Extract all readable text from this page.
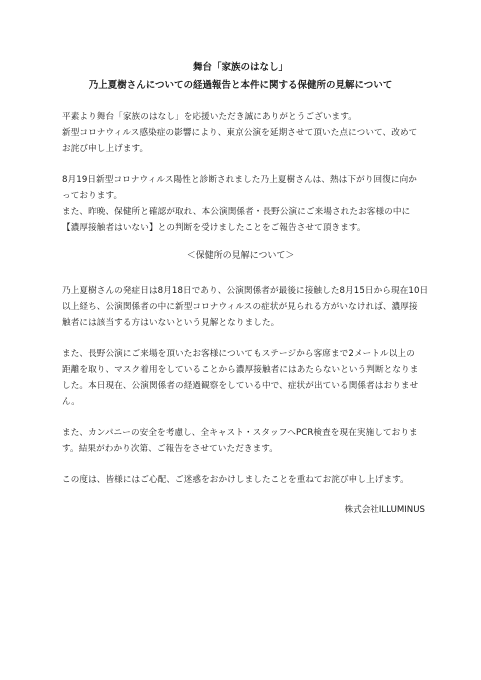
舞台「家族のはなし」
乃上夏樹さんについての経過報告と本件に関する保健所の見解について
平素より舞台「家族のはなし」を応援いただき誠にありがとうございます。
新型コロナウィルス感染症の影響により、東京公演を延期させて頂いた点について、改めて
お詫び申し上げます。
8月19日新型コロナウィルス陽性と診断されました乃上夏樹さんは、熱は下がり回復に向か
っております。
また、昨晩、保健所と確認が取れ、本公演関係者・長野公演にご来場されたお客様の中に
【濃厚接触者はいない】との判断を受けましたことをご報告させて頂きます。
＜保健所の見解について＞
乃上夏樹さんの発症日は8月18日であり、公演関係者が最後に接触した8月15日から現在10日
以上経ち、公演関係者の中に新型コロナウィルスの症状が見られる方がいなければ、濃厚接
触者には該当する方はいないという見解となりました。
また、長野公演にご来場を頂いたお客様についてもステージから客席まで2メートル以上の
距離を取り、マスク着用をしていることから濃厚接触者にはあたらないという判断となりま
した。本日現在、公演関係者の経過観察をしている中で、症状が出ている関係者はおりませ
ん。
また、カンパニーの安全を考慮し、全キャスト・スタッフへPCR検査を現在実施しておりま
す。結果がわかり次第、ご報告をさせていただきます。
この度は、皆様にはご心配、ご迷惑をおかけしましたことを重ねてお詫び申し上げます。
株式会社ILLUMINUS
